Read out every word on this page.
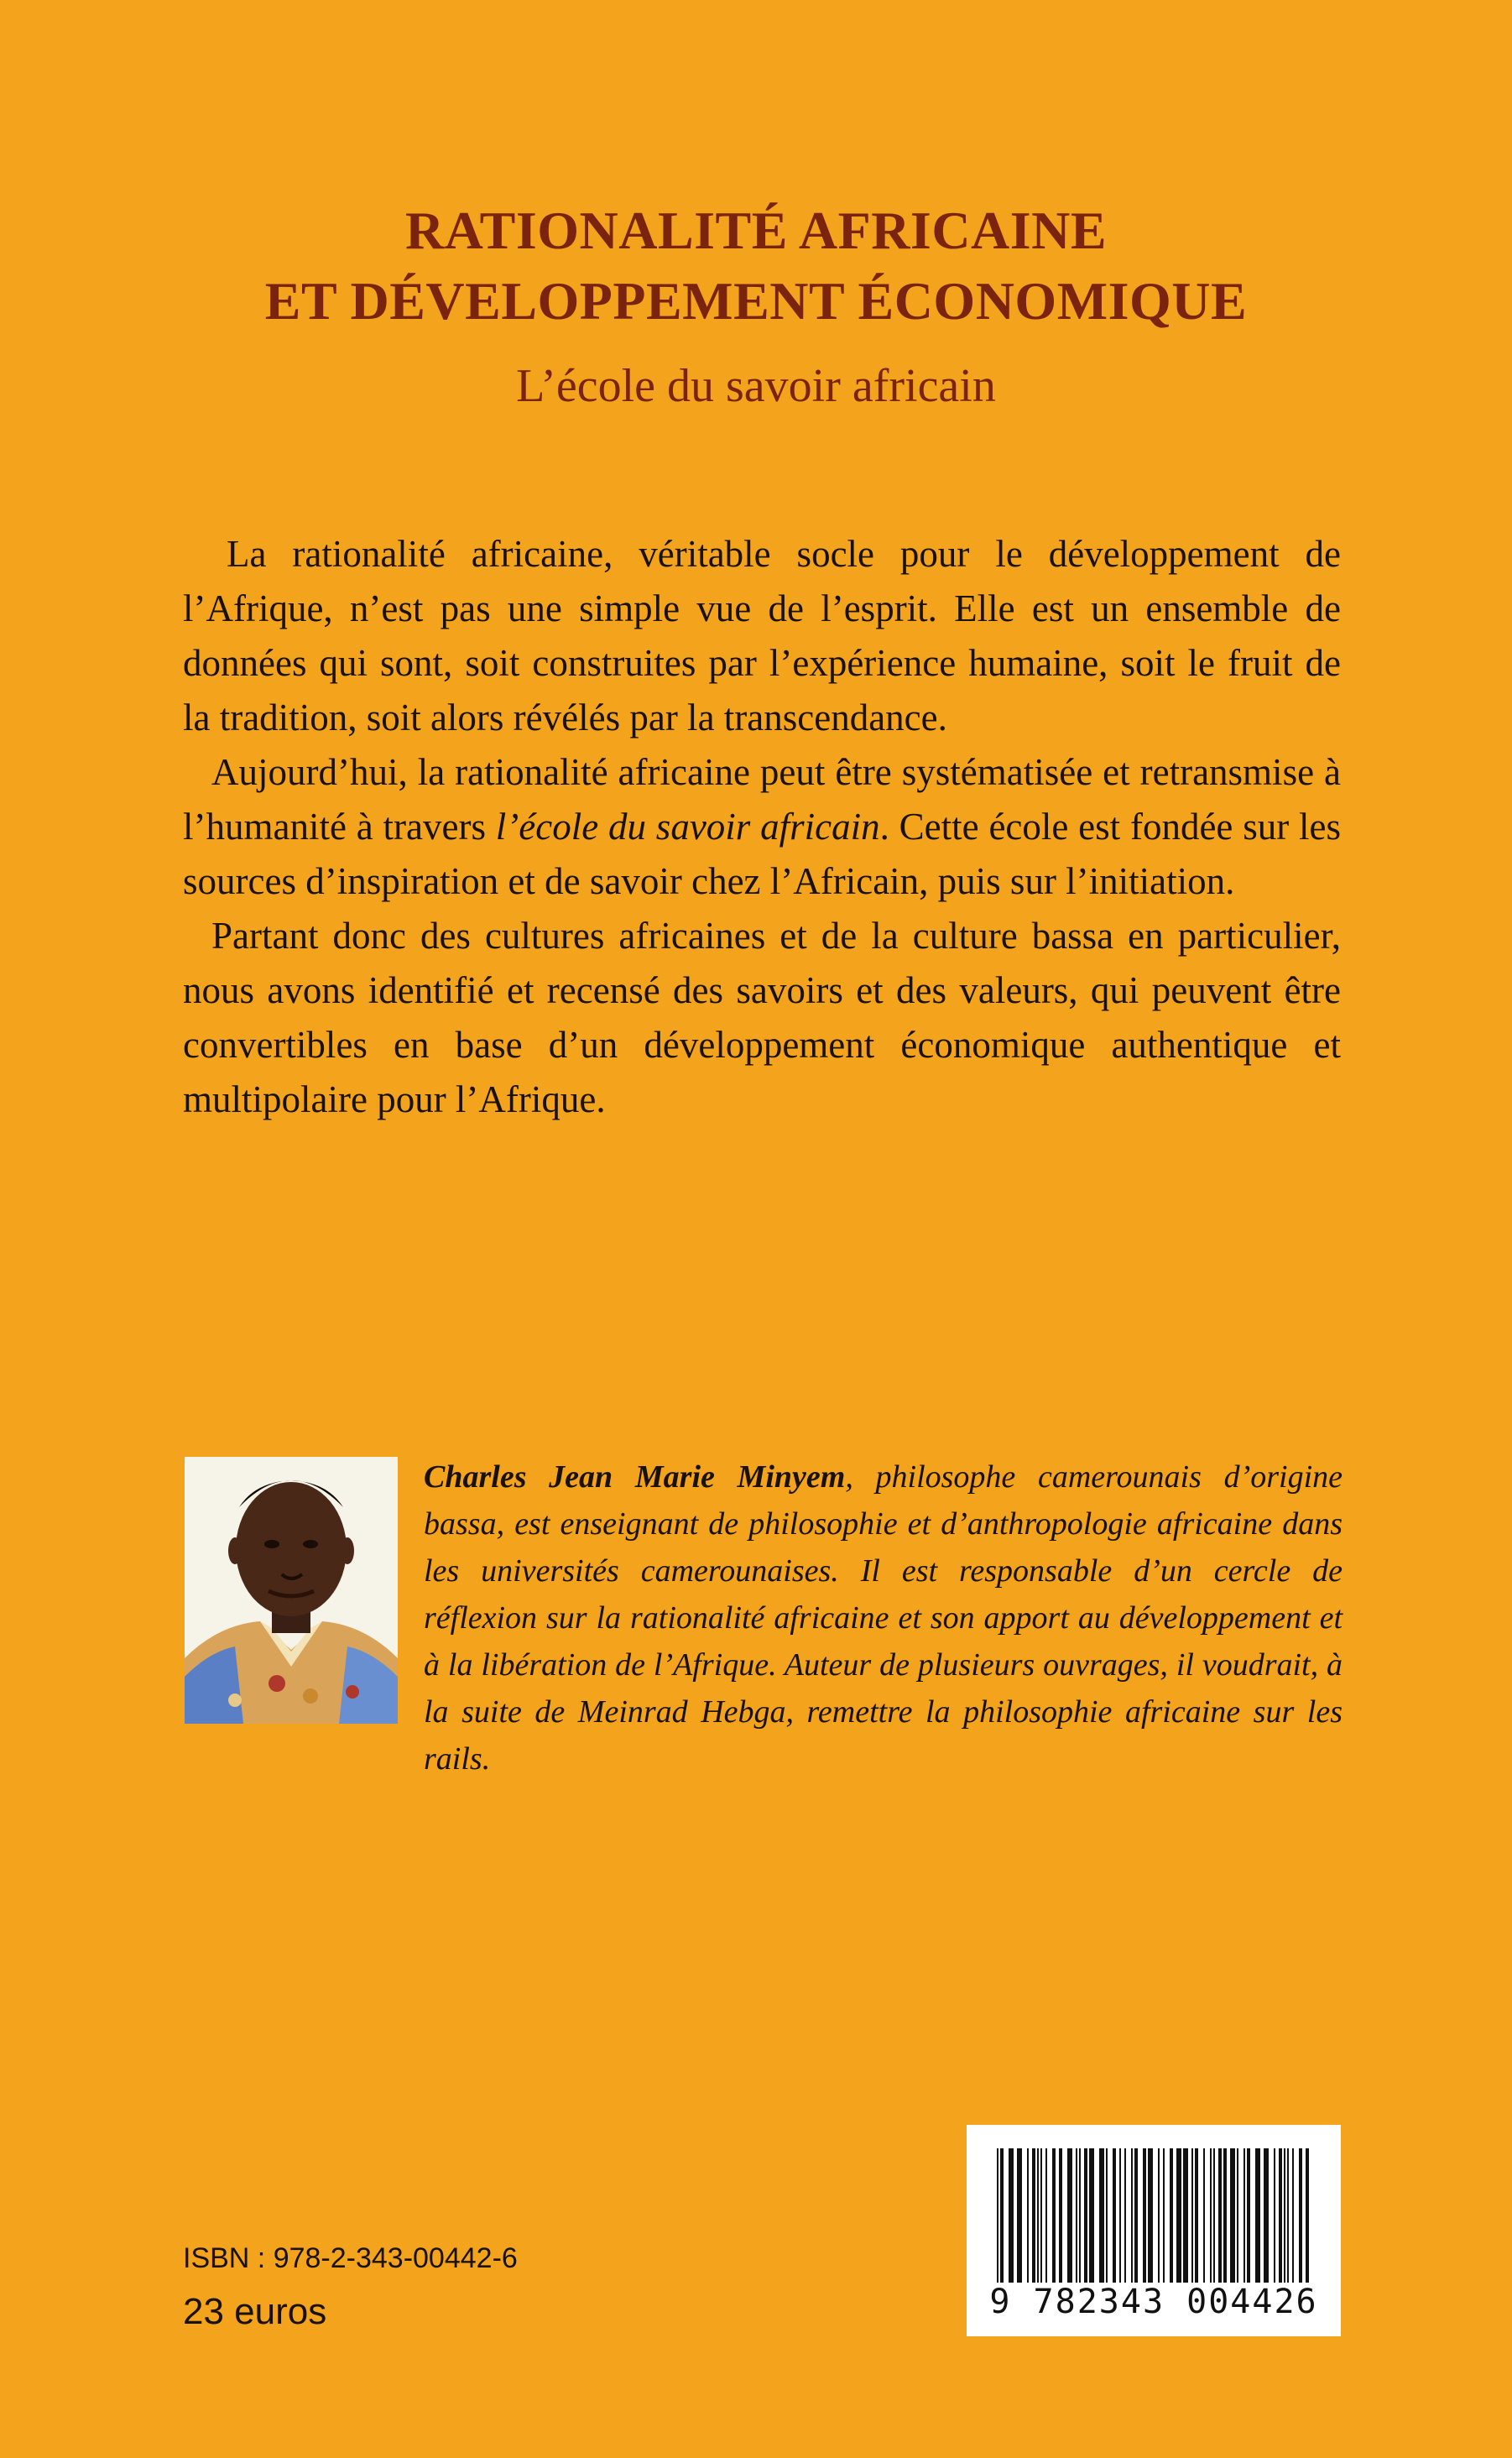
RATIONALITÉ AFRICAINE
ET DÉVELOPPEMENT ÉCONOMIQUE
L’école du savoir africain

La rationalité africaine, véritable socle pour le développement de l’Afrique, n’est pas une simple vue de l’esprit. Elle est un ensemble de données qui sont, soit construites par l’expérience humaine, soit le fruit de la tradition, soit alors révélés par la transcendance.

Aujourd’hui, la rationalité africaine peut être systématisée et retransmise à l’humanité à travers l’école du savoir africain. Cette école est fondée sur les sources d’inspiration et de savoir chez l’Africain, puis sur l’initiation.

Partant donc des cultures africaines et de la culture bassa en particulier, nous avons identifié et recensé des savoirs et des valeurs, qui peuvent être convertibles en base d’un développement économique authentique et multipolaire pour l’Afrique.

Charles Jean Marie Minyem, philosophe camerounais d’origine bassa, est enseignant de philosophie et d’anthropologie africaine dans les universités camerounaises. Il est responsable d’un cercle de réflexion sur la rationalité africaine et son apport au développement et à la libération de l’Afrique. Auteur de plusieurs ouvrages, il voudrait, à la suite de Meinrad Hebga, remettre la philosophie africaine sur les rails.
ISBN : 978-2-343-00442-6
23 euros	9 782343 004426
